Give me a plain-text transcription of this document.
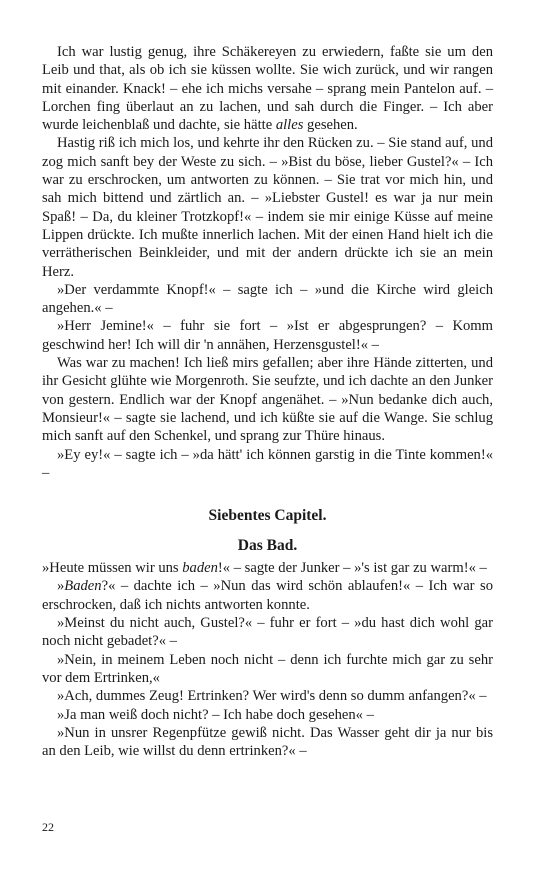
Ich war lustig genug, ihre Schäkereyen zu erwiedern, faßte sie um den Leib und that, als ob ich sie küssen wollte. Sie wich zurück, und wir rangen mit einander. Knack! – ehe ich michs versahe – sprang mein Pantelon auf. – Lorchen fing überlaut an zu lachen, und sah durch die Finger. – Ich aber wurde leichenblaß und dachte, sie hätte alles gesehen.

Hastig riß ich mich los, und kehrte ihr den Rücken zu. – Sie stand auf, und zog mich sanft bey der Weste zu sich. – »Bist du böse, lieber Gustel?« – Ich war zu erschrocken, um antworten zu können. – Sie trat vor mich hin, und sah mich bittend und zärtlich an. – »Liebster Gustel! es war ja nur mein Spaß! – Da, du kleiner Trotzkopf!« – indem sie mir einige Küsse auf meine Lippen drückte. Ich mußte innerlich lachen. Mit der einen Hand hielt ich die verrätherischen Beinkleider, und mit der andern drückte ich sie an mein Herz.

»Der verdammte Knopf!« – sagte ich – »und die Kirche wird gleich angehen.« –

»Herr Jemine!« – fuhr sie fort – »Ist er abgesprungen? – Komm geschwind her! Ich will dir 'n annähen, Herzensgustel!« –

Was war zu machen! Ich ließ mirs gefallen; aber ihre Hände zitterten, und ihr Gesicht glühte wie Morgenroth. Sie seufzte, und ich dachte an den Junker von gestern. Endlich war der Knopf angenähet. – »Nun bedanke dich auch, Monsieur!« – sagte sie lachend, und ich küßte sie auf die Wange. Sie schlug mich sanft auf den Schenkel, und sprang zur Thüre hinaus.

»Ey ey!« – sagte ich – »da hätt' ich können garstig in die Tinte kommen!« –

Siebentes Capitel.
Das Bad.

»Heute müssen wir uns baden!« – sagte der Junker – »'s ist gar zu warm!« –

»Baden?« – dachte ich – »Nun das wird schön ablaufen!« – Ich war so erschrocken, daß ich nichts antworten konnte.

»Meinst du nicht auch, Gustel?« – fuhr er fort – »du hast dich wohl gar noch nicht gebadet?« –

»Nein, in meinem Leben noch nicht – denn ich furchte mich gar zu sehr vor dem Ertrinken,«

»Ach, dummes Zeug! Ertrinken? Wer wird's denn so dumm anfangen?« –

»Ja man weiß doch nicht? – Ich habe doch gesehen« –

»Nun in unsrer Regenpfütze gewiß nicht. Das Wasser geht dir ja nur bis an den Leib, wie willst du denn ertrinken?« –

22
